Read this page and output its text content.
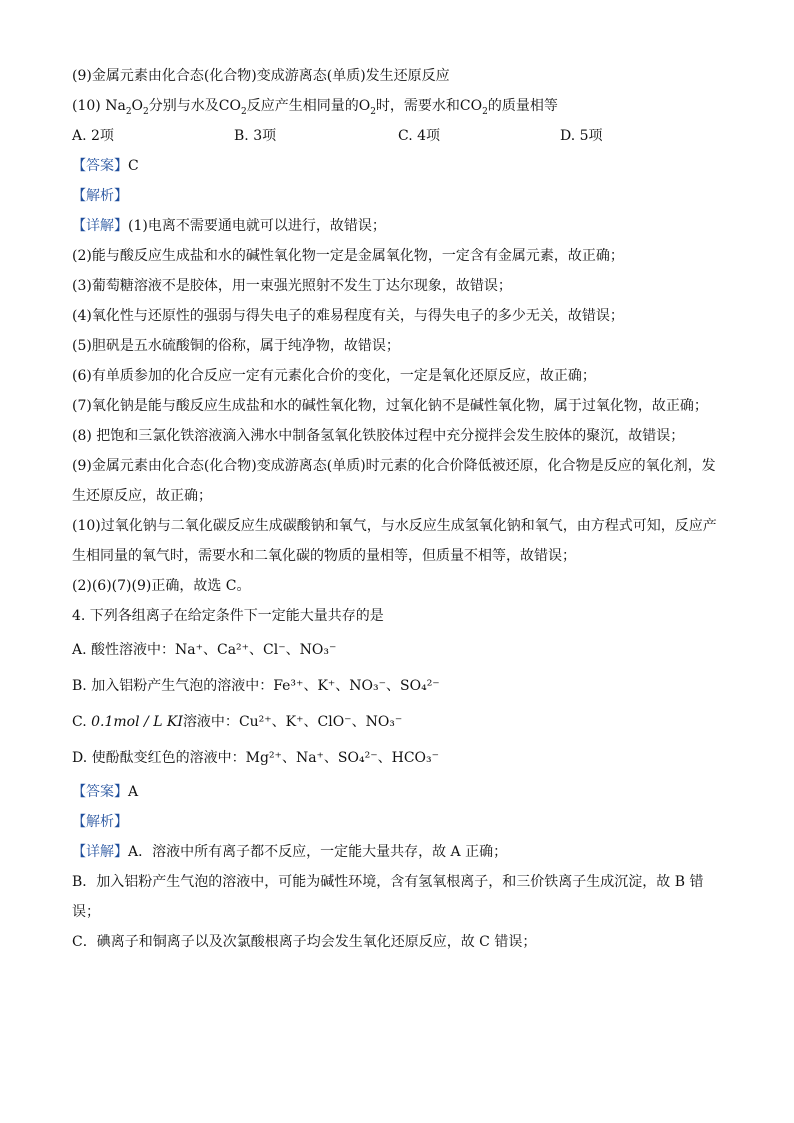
(9)金属元素由化合态(化合物)变成游离态(单质)发生还原反应

(10) $Na_2O_2$分别与水及$CO_2$反应产生相同量的$O_2$时，需要水和$CO_2$的质量相等

A. 2项	B. 3项	C. 4项	D. 5项

【答案】C

【解析】

【详解】(1)电离不需要通电就可以进行，故错误；

(2)能与酸反应生成盐和水的碱性氧化物一定是金属氧化物，一定含有金属元素，故正确；

(3)葡萄糖溶液不是胶体，用一束强光照射不发生丁达尔现象，故错误；

(4)氧化性与还原性的强弱与得失电子的难易程度有关，与得失电子的多少无关，故错误；

(5)胆矾是五水硫酸铜的俗称，属于纯净物，故错误；

(6)有单质参加的化合反应一定有元素化合价的变化，一定是氧化还原反应，故正确；

(7)氧化钠是能与酸反应生成盐和水的碱性氧化物，过氧化钠不是碱性氧化物，属于过氧化物，故正确；

(8) 把饱和三氯化铁溶液滴入沸水中制备氢氧化铁胶体过程中充分搅拌会发生胶体的聚沉，故错误；

(9)金属元素由化合态(化合物)变成游离态(单质)时元素的化合价降低被还原，化合物是反应的氧化剂，发

生还原反应，故正确；

(10)过氧化钠与二氧化碳反应生成碳酸钠和氧气，与水反应生成氢氧化钠和氧气，由方程式可知，反应产

生相同量的氧气时，需要水和二氧化碳的物质的量相等，但质量不相等，故错误；

(2)(6)(7)(9)正确，故选 C。

4. 下列各组离子在给定条件下一定能大量共存的是

A. 酸性溶液中：Na⁺、Ca²⁺、Cl⁻、NO₃⁻

B. 加入铝粉产生气泡的溶液中：Fe³⁺、K⁺、NO₃⁻、SO₄²⁻

C. 0.1mol / L KI溶液中：Cu²⁺、K⁺、ClO⁻、NO₃⁻

D. 使酚酞变红色的溶液中：Mg²⁺、Na⁺、SO₄²⁻、HCO₃⁻

【答案】A

【解析】

【详解】A．溶液中所有离子都不反应，一定能大量共存，故 A 正确；

B．加入铝粉产生气泡的溶液中，可能为碱性环境，含有氢氧根离子，和三价铁离子生成沉淀，故 B 错

误；

C．碘离子和铜离子以及次氯酸根离子均会发生氧化还原反应，故 C 错误；
